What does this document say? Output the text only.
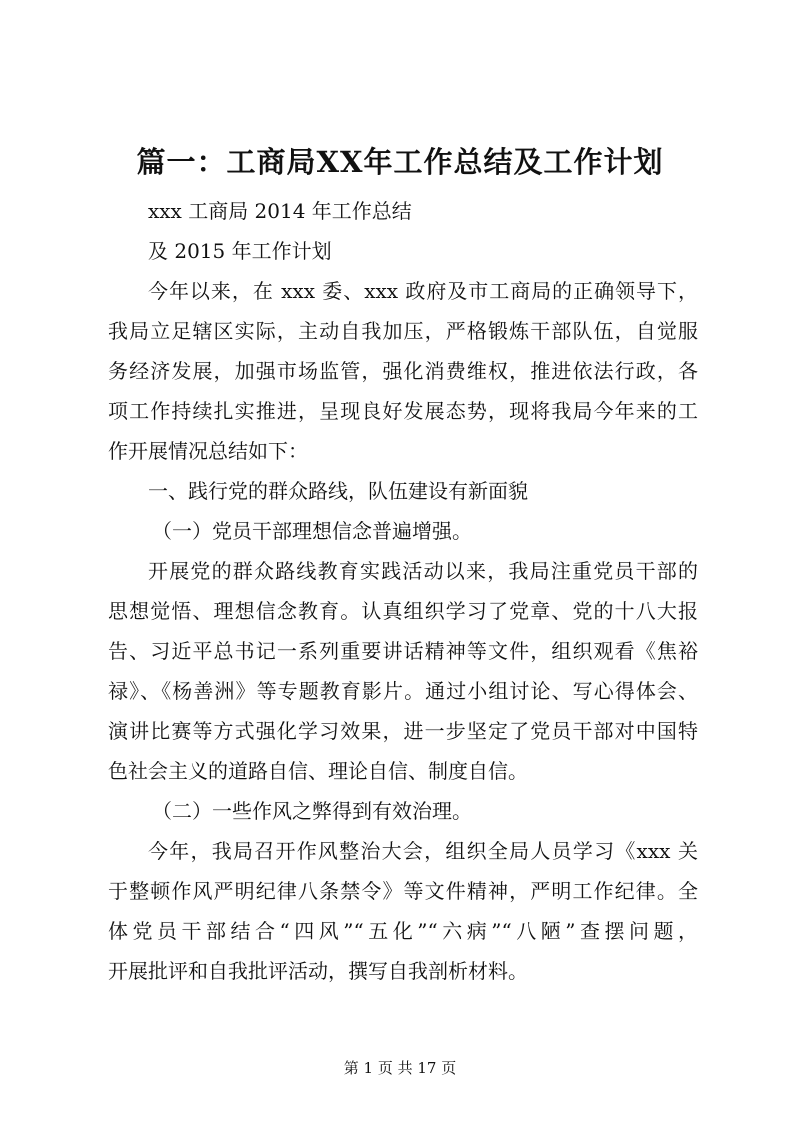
篇一：工商局XX年工作总结及工作计划
xxx 工商局 2014 年工作总结
及 2015 年工作计划
今年以来，在 xxx 委、xxx 政府及市工商局的正确领导下，
我局立足辖区实际，主动自我加压，严格锻炼干部队伍，自觉服
务经济发展，加强市场监管，强化消费维权，推进依法行政，各
项工作持续扎实推进，呈现良好发展态势，现将我局今年来的工
作开展情况总结如下：
一、践行党的群众路线，队伍建设有新面貌
（一）党员干部理想信念普遍增强。
开展党的群众路线教育实践活动以来，我局注重党员干部的
思想觉悟、理想信念教育。认真组织学习了党章、党的十八大报
告、习近平总书记一系列重要讲话精神等文件，组织观看《焦裕
禄》、《杨善洲》等专题教育影片。通过小组讨论、写心得体会、
演讲比赛等方式强化学习效果，进一步坚定了党员干部对中国特
色社会主义的道路自信、理论自信、制度自信。
（二）一些作风之弊得到有效治理。
今年，我局召开作风整治大会，组织全局人员学习《xxx 关
于整顿作风严明纪律八条禁令》等文件精神，严明工作纪律。全
体党员干部结合“四风”“五化”“六病”“八陋”查摆问题，
开展批评和自我批评活动，撰写自我剖析材料。
第 1 页 共 17 页
